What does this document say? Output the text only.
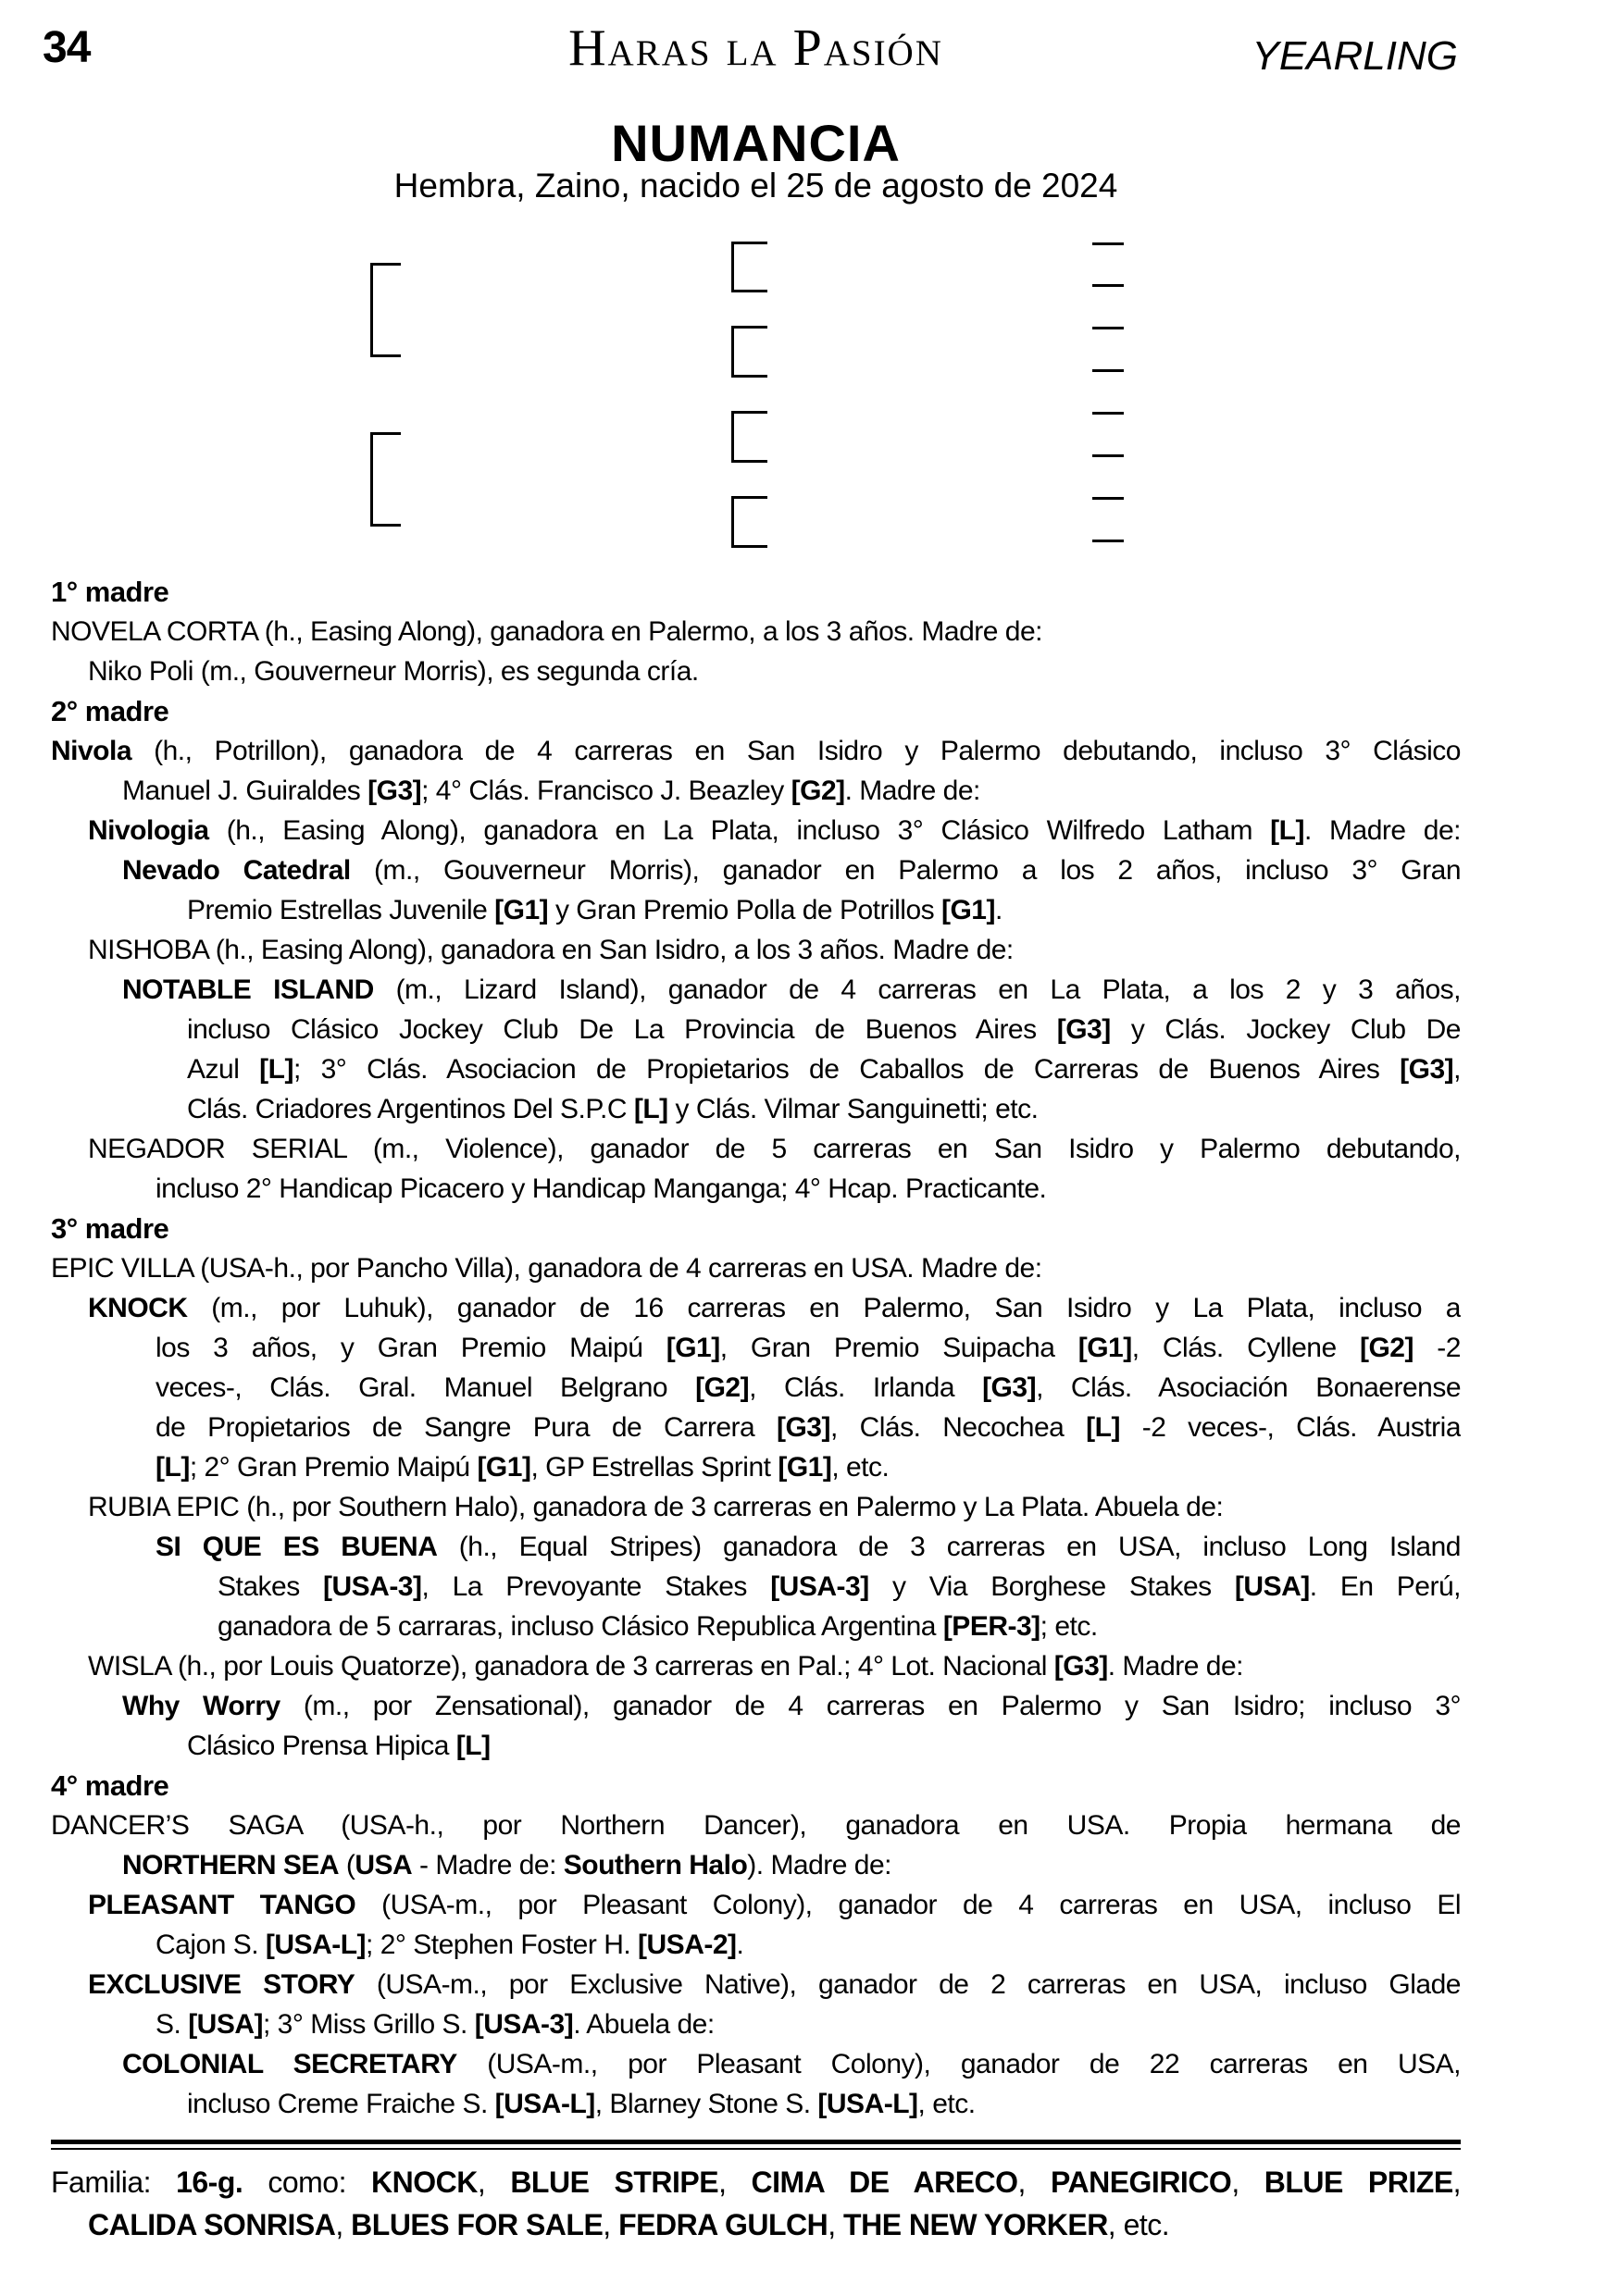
34	Haras la Pasión	YEARLING
NUMANCIA
Hembra, Zaino, nacido el 25 de agosto de 2024
1° madre
NOVELA CORTA (h., Easing Along), ganadora en Palermo, a los 3 años. Madre de:
Niko Poli (m., Gouverneur Morris), es segunda cría.
2° madre
Nivola (h., Potrillon), ganadora de 4 carreras en San Isidro y Palermo debutando, incluso 3° Clásico
Manuel J. Guiraldes [G3]; 4° Clás. Francisco J. Beazley [G2]. Madre de:
Nivologia (h., Easing Along), ganadora en La Plata, incluso 3° Clásico Wilfredo Latham [L]. Madre de:
Nevado Catedral (m., Gouverneur Morris), ganador en Palermo a los 2 años, incluso 3° Gran
Premio Estrellas Juvenile [G1] y Gran Premio Polla de Potrillos [G1].
NISHOBA (h., Easing Along), ganadora en San Isidro, a los 3 años. Madre de:
NOTABLE ISLAND (m., Lizard Island), ganador de 4 carreras en La Plata, a los 2 y 3 años,
incluso Clásico Jockey Club De La Provincia de Buenos Aires [G3] y Clás. Jockey Club De
Azul [L]; 3° Clás. Asociacion de Propietarios de Caballos de Carreras de Buenos Aires [G3],
Clás. Criadores Argentinos Del S.P.C [L] y Clás. Vilmar Sanguinetti; etc.
NEGADOR SERIAL (m., Violence), ganador de 5 carreras en San Isidro y Palermo debutando,
incluso 2° Handicap Picacero y Handicap Manganga; 4° Hcap. Practicante.
3° madre
EPIC VILLA (USA-h., por Pancho Villa), ganadora de 4 carreras en USA. Madre de:
KNOCK (m., por Luhuk), ganador de 16 carreras en Palermo, San Isidro y La Plata, incluso a
los 3 años, y Gran Premio Maipú [G1], Gran Premio Suipacha [G1], Clás. Cyllene [G2] -2
veces-, Clás. Gral. Manuel Belgrano [G2], Clás. Irlanda [G3], Clás. Asociación Bonaerense
de Propietarios de Sangre Pura de Carrera [G3], Clás. Necochea [L] -2 veces-, Clás. Austria
[L]; 2° Gran Premio Maipú [G1], GP Estrellas Sprint [G1], etc.
RUBIA EPIC (h., por Southern Halo), ganadora de 3 carreras en Palermo y La Plata. Abuela de:
SI QUE ES BUENA (h., Equal Stripes) ganadora de 3 carreras en USA, incluso Long Island
Stakes [USA-3], La Prevoyante Stakes [USA-3] y Via Borghese Stakes [USA]. En Perú,
ganadora de 5 carraras, incluso Clásico Republica Argentina [PER-3]; etc.
WISLA (h., por Louis Quatorze), ganadora de 3 carreras en Pal.; 4° Lot. Nacional [G3]. Madre de:
Why Worry (m., por Zensational), ganador de 4 carreras en Palermo y San Isidro; incluso 3°
Clásico Prensa Hipica [L]
4° madre
DANCER’S SAGA (USA-h., por Northern Dancer), ganadora en USA. Propia hermana de
NORTHERN SEA (USA - Madre de: Southern Halo). Madre de:
PLEASANT TANGO (USA-m., por Pleasant Colony), ganador de 4 carreras en USA, incluso El
Cajon S. [USA-L]; 2° Stephen Foster H. [USA-2].
EXCLUSIVE STORY (USA-m., por Exclusive Native), ganador de 2 carreras en USA, incluso Glade
S. [USA]; 3° Miss Grillo S. [USA-3]. Abuela de:
COLONIAL SECRETARY (USA-m., por Pleasant Colony), ganador de 22 carreras en USA,
incluso Creme Fraiche S. [USA-L], Blarney Stone S. [USA-L], etc.
Familia: 16-g. como: KNOCK, BLUE STRIPE, CIMA DE ARECO, PANEGIRICO, BLUE PRIZE,
CALIDA SONRISA, BLUES FOR SALE, FEDRA GULCH, THE NEW YORKER, etc.
